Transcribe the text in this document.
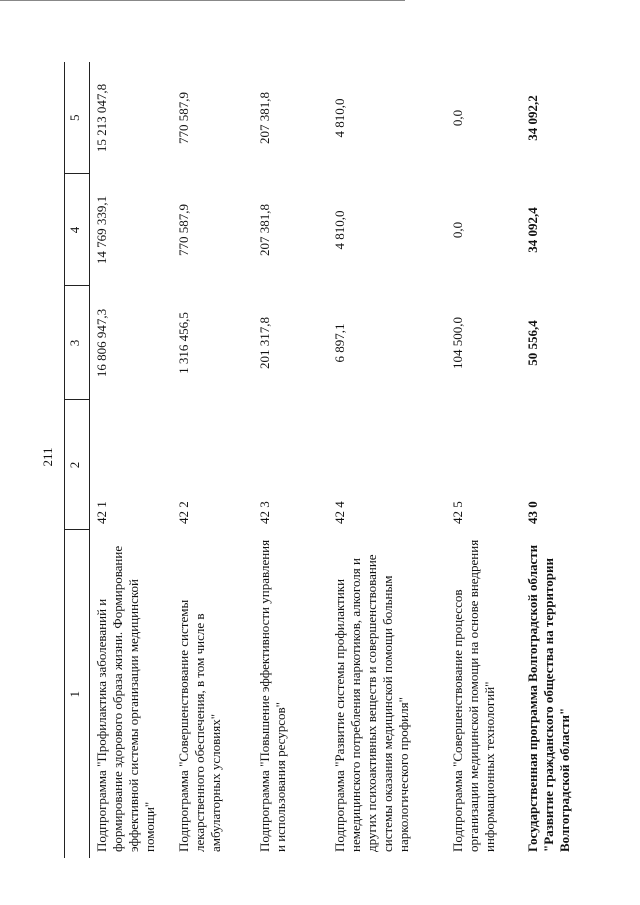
211
1	2	3	4	5
Подпрограмма "Профилактика заболеваний и формирование здорового образа жизни. Формирование эффективной системы организации медицинской помощи"	42 1	16 806 947,3	14 769 339,1	15 213 047,8
Подпрограмма "Совершенствование системы лекарственного обеспечения, в том числе в амбулаторных условиях"	42 2	1 316 456,5	770 587,9	770 587,9
Подпрограмма "Повышение эффективности управления и использования ресурсов"	42 3	201 317,8	207 381,8	207 381,8
Подпрограмма "Развитие системы профилактики немедицинского потребления наркотиков, алкоголя и других психоактивных веществ и совершенствование системы оказания медицинской помощи больным наркологического профиля"	42 4	6 897,1	4 810,0	4 810,0
Подпрограмма "Совершенствование процессов организации медицинской помощи на основе внедрения информационных технологий"	42 5	104 500,0	0,0	0,0
Государственная программа Волгоградской области "Развитие гражданского общества на территории Волгоградской области"	43 0	50 556,4	34 092,4	34 092,2
